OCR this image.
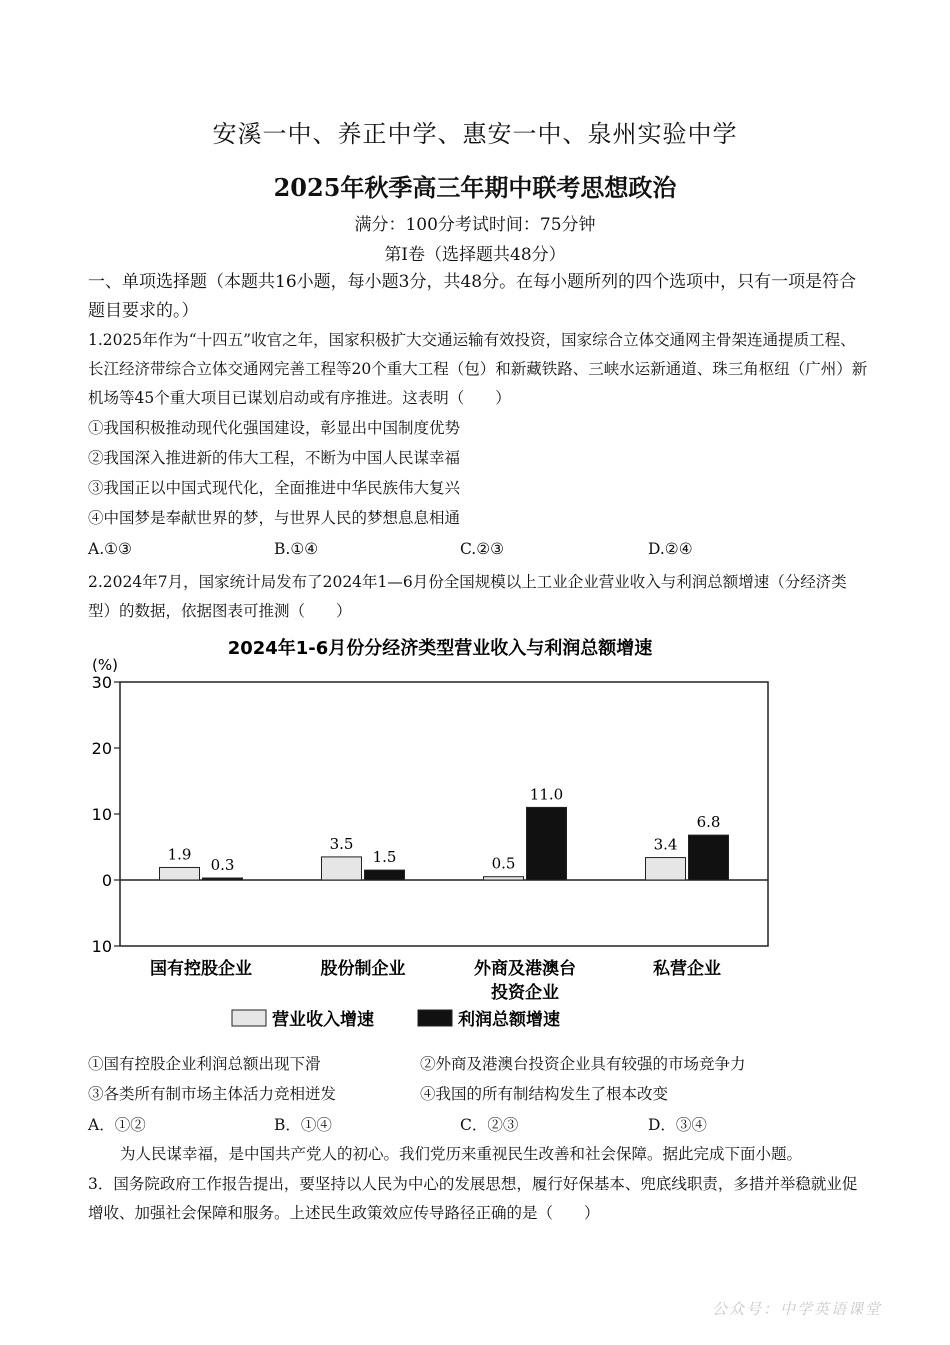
安溪一中、养正中学、惠安一中、泉州实验中学
2025年秋季高三年期中联考思想政治
满分：100分考试时间：75分钟
第Ⅰ卷（选择题共48分）
一、单项选择题（本题共16小题，每小题3分，共48分。在每小题所列的四个选项中，只有一项是符合题目要求的。）
1.2025年作为“十四五”收官之年，国家积极扩大交通运输有效投资，国家综合立体交通网主骨架连通提质工程、长江经济带综合立体交通网完善工程等20个重大工程（包）和新藏铁路、三峡水运新通道、珠三角枢纽（广州）新机场等45个重大项目已谋划启动或有序推进。这表明（　　）
①我国积极推动现代化强国建设，彰显出中国制度优势
②我国深入推进新的伟大工程，不断为中国人民谋幸福
③我国正以中国式现代化，全面推进中华民族伟大复兴
④中国梦是奉献世界的梦，与世界人民的梦想息息相通
A.①③	B.①④	C.②③	D.②④
2.2024年7月，国家统计局发布了2024年1—6月份全国规模以上工业企业营业收入与利润总额增速（分经济类型）的数据，依据图表可推测（　　）
2024年1-6月份分经济类型营业收入与利润总额增速
(%)
30
20
10
0
10
1.9
0.3
国有控股企业
3.5
1.5
股份制企业
0.5
11.0
外商及港澳台
投资企业
3.4
6.8
私营企业
营业收入增速	利润总额增速
①国有控股企业利润总额出现下滑	②外商及港澳台投资企业具有较强的市场竞争力
③各类所有制市场主体活力竞相迸发	④我国的所有制结构发生了根本改变
A．①②	B．①④	C．②③	D．③④
为人民谋幸福，是中国共产党人的初心。我们党历来重视民生改善和社会保障。据此完成下面小题。
3．国务院政府工作报告提出，要坚持以人民为中心的发展思想，履行好保基本、兜底线职责，多措并举稳就业促增收、加强社会保障和服务。上述民生政策效应传导路径正确的是（　　）
公众号：中学英语课堂
